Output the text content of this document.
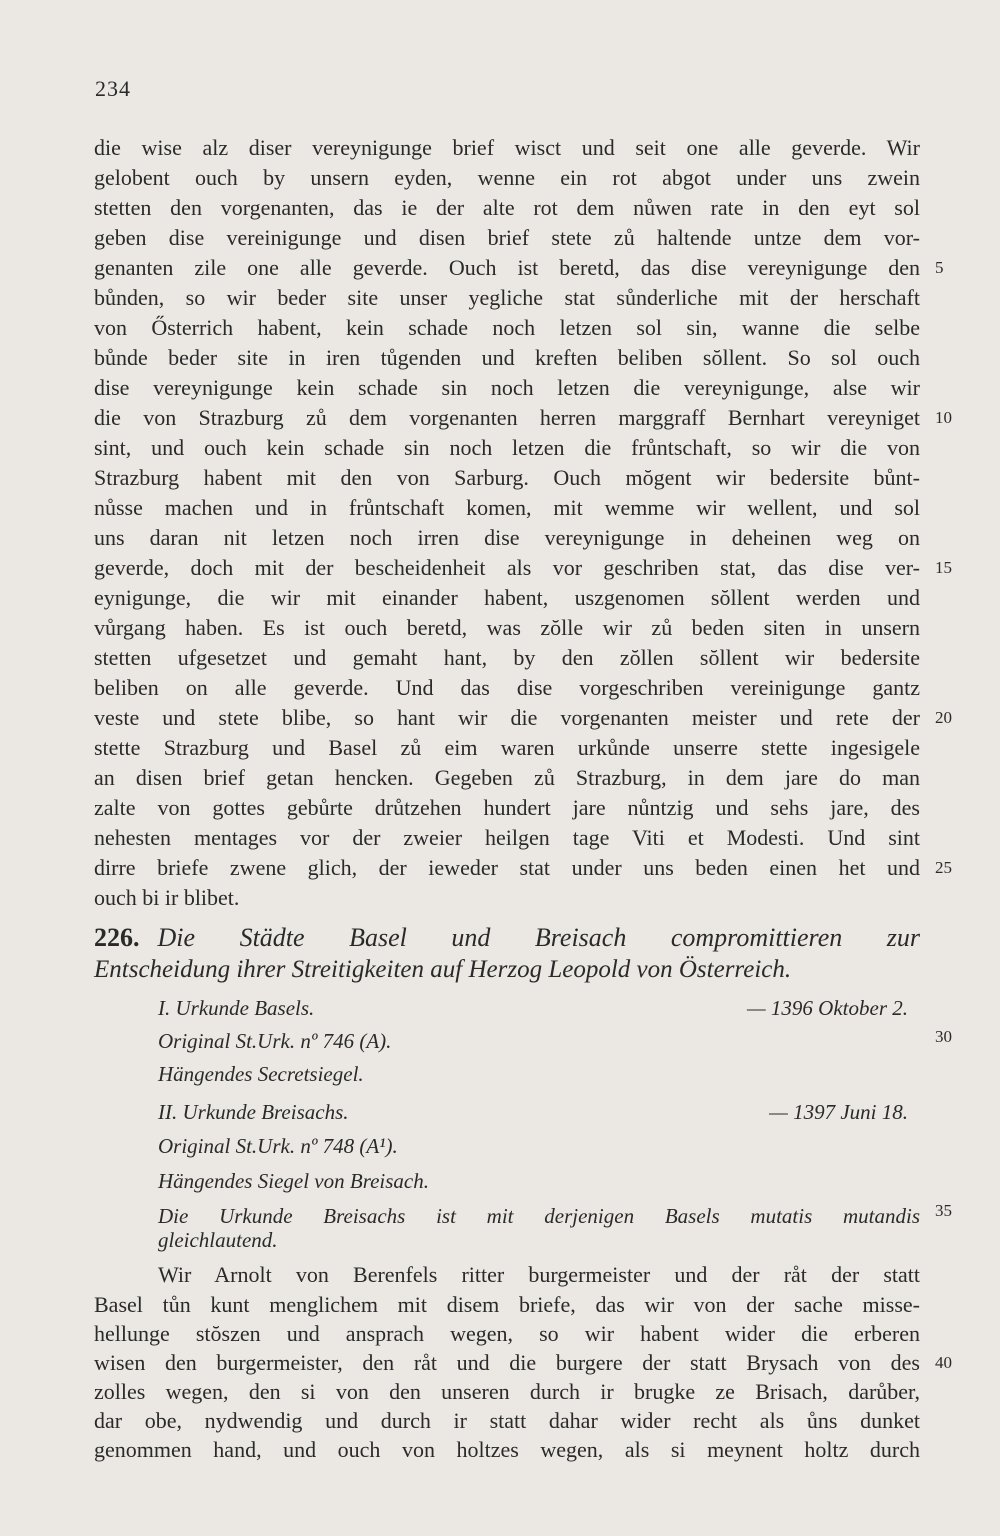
234
die wise alz diser vereynigunge brief wisct und seit one alle geverde. Wir
gelobent ouch by unsern eyden, wenne ein rot abgot under uns zwein
stetten den vorgenanten, das ie der alte rot dem nůwen rate in den eyt sol
geben dise vereinigunge und disen brief stete zů haltende untze dem vor-
genanten zile one alle geverde. Ouch ist beretd, das dise vereynigunge den
bůnden, so wir beder site unser yegliche stat sůnderliche mit der herschaft
von Ősterrich habent, kein schade noch letzen sol sin, wanne die selbe
bůnde beder site in iren tůgenden und kreften beliben sŏllent. So sol ouch
dise vereynigunge kein schade sin noch letzen die vereynigunge, alse wir
die von Strazburg zů dem vorgenanten herren marggraff Bernhart vereyniget
sint, und ouch kein schade sin noch letzen die frůntschaft, so wir die von
Strazburg habent mit den von Sarburg. Ouch mŏgent wir bedersite bůnt-
nůsse machen und in frůntschaft komen, mit wemme wir wellent, und sol
uns daran nit letzen noch irren dise vereynigunge in deheinen weg on
geverde, doch mit der bescheidenheit als vor geschriben stat, das dise ver-
eynigunge, die wir mit einander habent, uszgenomen sŏllent werden und
vůrgang haben. Es ist ouch beretd, was zŏlle wir zů beden siten in unsern
stetten ufgesetzet und gemaht hant, by den zŏllen sŏllent wir bedersite
beliben on alle geverde. Und das dise vorgeschriben vereinigunge gantz
veste und stete blibe, so hant wir die vorgenanten meister und rete der
stette Strazburg und Basel zů eim waren urkůnde unserre stette ingesigele
an disen brief getan hencken. Gegeben zů Strazburg, in dem jare do man
zalte von gottes gebůrte drůtzehen hundert jare nůntzig und sehs jare, des
nehesten mentages vor der zweier heilgen tage Viti et Modesti. Und sint
dirre briefe zwene glich, der ieweder stat under uns beden einen het und
ouch bi ir blibet.
5
10
15
20
25
226. Die Städte Basel und Breisach compromittieren zur
Entscheidung ihrer Streitigkeiten auf Herzog Leopold von Österreich.
I. Urkunde Basels.	— 1396 Oktober 2.
Original St.Urk. nº 746 (A).
Hängendes Secretsiegel.
II. Urkunde Breisachs.	— 1397 Juni 18.
Original St.Urk. nº 748 (A¹).
Hängendes Siegel von Breisach.
Die Urkunde Breisachs ist mit derjenigen Basels mutatis mutandis
gleichlautend.
30
35
40
Wir Arnolt von Berenfels ritter burgermeister und der råt der statt
Basel tůn kunt menglichem mit disem briefe, das wir von der sache misse-
hellunge stŏszen und ansprach wegen, so wir habent wider die erberen
wisen den burgermeister, den råt und die burgere der statt Brysach von des
zolles wegen, den si von den unseren durch ir brugke ze Brisach, darůber,
dar obe, nydwendig und durch ir statt dahar wider recht als ůns dunket
genommen hand, und ouch von holtzes wegen, als si meynent holtz durch
